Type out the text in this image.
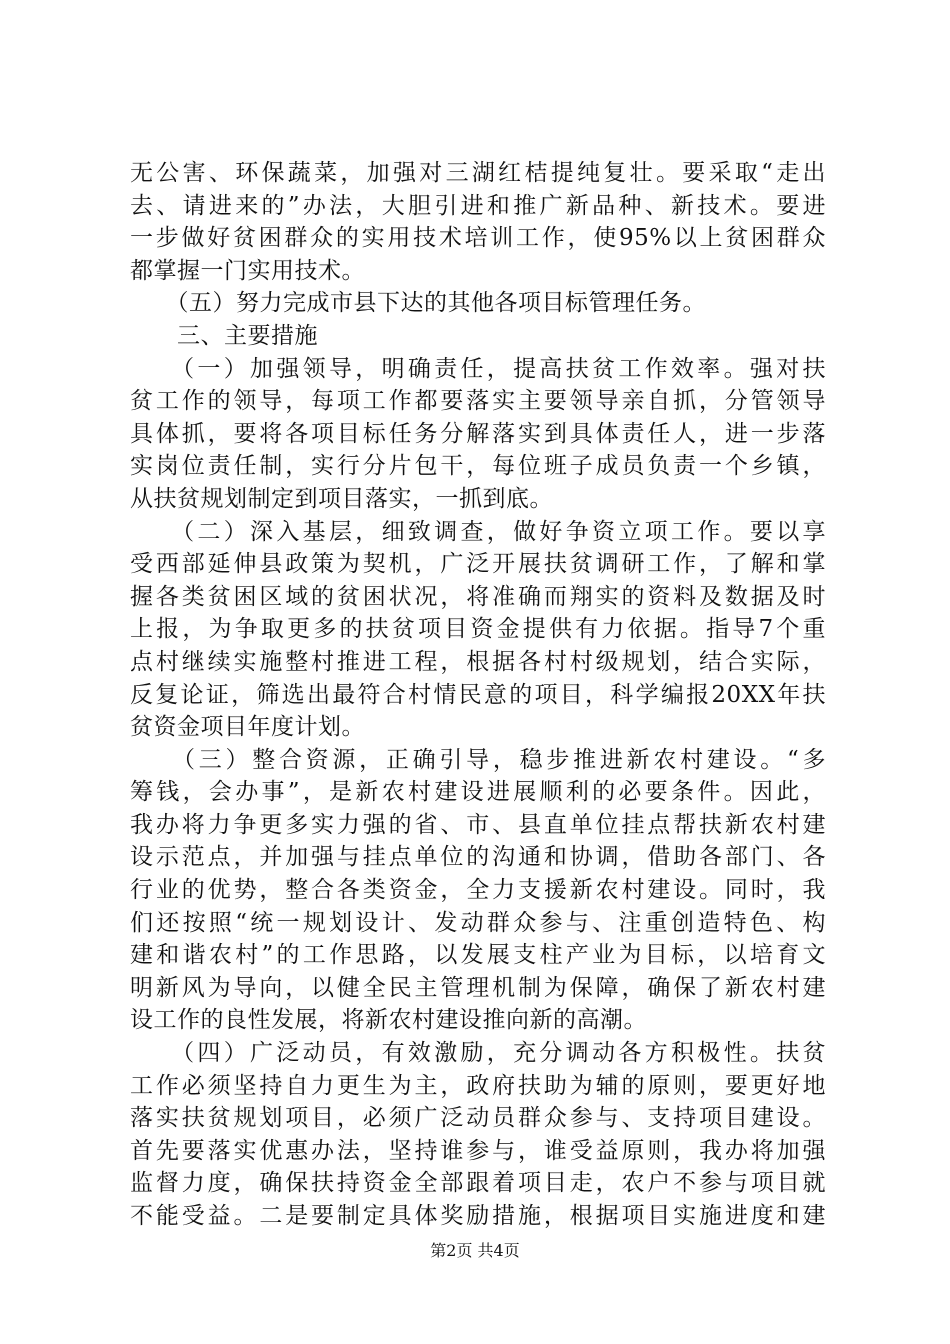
无公害、环保蔬菜，加强对三湖红桔提纯复壮。要采取“走出
去、请进来的”办法，大胆引进和推广新品种、新技术。要进
一步做好贫困群众的实用技术培训工作，使95%以上贫困群众
都掌握一门实用技术。
　　（五）努力完成市县下达的其他各项目标管理任务。
　　三、主要措施
　　（一）加强领导，明确责任，提高扶贫工作效率。强对扶
贫工作的领导，每项工作都要落实主要领导亲自抓，分管领导
具体抓，要将各项目标任务分解落实到具体责任人，进一步落
实岗位责任制，实行分片包干，每位班子成员负责一个乡镇，
从扶贫规划制定到项目落实，一抓到底。
　　（二）深入基层，细致调查，做好争资立项工作。要以享
受西部延伸县政策为契机，广泛开展扶贫调研工作，了解和掌
握各类贫困区域的贫困状况，将准确而翔实的资料及数据及时
上报，为争取更多的扶贫项目资金提供有力依据。指导7个重
点村继续实施整村推进工程，根据各村村级规划，结合实际，
反复论证，筛选出最符合村情民意的项目，科学编报20XX年扶
贫资金项目年度计划。
　　（三）整合资源，正确引导，稳步推进新农村建设。“多
筹钱，会办事”，是新农村建设进展顺利的必要条件。因此，
我办将力争更多实力强的省、市、县直单位挂点帮扶新农村建
设示范点，并加强与挂点单位的沟通和协调，借助各部门、各
行业的优势，整合各类资金，全力支援新农村建设。同时，我
们还按照“统一规划设计、发动群众参与、注重创造特色、构
建和谐农村”的工作思路，以发展支柱产业为目标，以培育文
明新风为导向，以健全民主管理机制为保障，确保了新农村建
设工作的良性发展，将新农村建设推向新的高潮。
　　（四）广泛动员，有效激励，充分调动各方积极性。扶贫
工作必须坚持自力更生为主，政府扶助为辅的原则，要更好地
落实扶贫规划项目，必须广泛动员群众参与、支持项目建设。
首先要落实优惠办法，坚持谁参与，谁受益原则，我办将加强
监督力度，确保扶持资金全部跟着项目走，农户不参与项目就
不能受益。二是要制定具体奖励措施，根据项目实施进度和建
第2页 共4页
